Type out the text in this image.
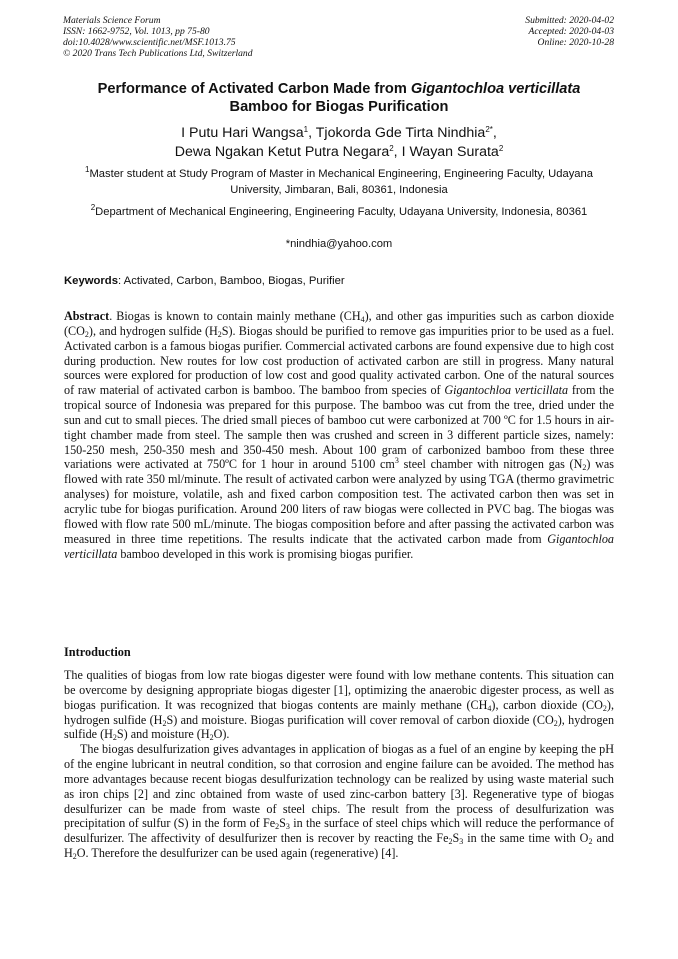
Materials Science Forum
ISSN: 1662-9752, Vol. 1013, pp 75-80
doi:10.4028/www.scientific.net/MSF.1013.75
© 2020 Trans Tech Publications Ltd, Switzerland
Submitted: 2020-04-02
Accepted: 2020-04-03
Online: 2020-10-28
Performance of Activated Carbon Made from Gigantochloa verticillata
Bamboo for Biogas Purification
I Putu Hari Wangsa$^1$, Tjokorda Gde Tirta Nindhia$^{2*}$,
Dewa Ngakan Ketut Putra Negara$^2$, I Wayan Surata$^2$
$^1$Master student at Study Program of Master in Mechanical Engineering, Engineering Faculty, Udayana University, Jimbaran, Bali, 80361, Indonesia
$^2$Department of Mechanical Engineering, Engineering Faculty, Udayana University, Indonesia, 80361
*nindhia@yahoo.com
Keywords: Activated, Carbon, Bamboo, Biogas, Purifier
Abstract. Biogas is known to contain mainly methane $(CH_4)$, and other gas impurities such as carbon dioxide $(CO_2)$, and hydrogen sulfide $(H_2S)$. Biogas should be purified to remove gas impurities prior to be used as a fuel. Activated carbon is a famous biogas purifier. Commercial activated carbons are found expensive due to high cost during production. New routes for low cost production of activated carbon are still in progress. Many natural sources were explored for production of low cost and good quality activated carbon. One of the natural sources of raw material of activated carbon is bamboo. The bamboo from species of Gigantochloa verticillata from the tropical source of Indonesia was prepared for this purpose. The bamboo was cut from the tree, dried under the sun and cut to small pieces. The dried small pieces of bamboo cut were carbonized at 700 ºC for 1.5 hours in air-tight chamber made from steel. The sample then was crushed and screen in 3 different particle sizes, namely: 150-250 mesh, 250-350 mesh and 350-450 mesh. About 100 gram of carbonized bamboo from these three variations were activated at 750ºC for 1 hour in around 5100 $cm^3$ steel chamber with nitrogen gas $(N_2)$ was flowed with rate 350 ml/minute. The result of activated carbon were analyzed by using TGA (thermo gravimetric analyses) for moisture, volatile, ash and fixed carbon composition test. The activated carbon then was set in acrylic tube for biogas purification. Around 200 liters of raw biogas were collected in PVC bag. The biogas was flowed with flow rate 500 mL/minute. The biogas composition before and after passing the activated carbon was measured in three time repetitions. The results indicate that the activated carbon made from Gigantochloa verticillata bamboo developed in this work is promising biogas purifier.
Introduction

The qualities of biogas from low rate biogas digester were found with low methane contents. This situation can be overcome by designing appropriate biogas digester [1], optimizing the anaerobic digester process, as well as biogas purification. It was recognized that biogas contents are mainly methane $(CH_4)$, carbon dioxide $(CO_2)$, hydrogen sulfide $(H_2S)$ and moisture. Biogas purification will cover removal of carbon dioxide $(CO_2)$, hydrogen sulfide $(H_2S)$ and moisture $(H_2O)$.

The biogas desulfurization gives advantages in application of biogas as a fuel of an engine by keeping the pH of the engine lubricant in neutral condition, so that corrosion and engine failure can be avoided. The method has more advantages because recent biogas desulfurization technology can be realized by using waste material such as iron chips [2] and zinc obtained from waste of used zinc-carbon battery [3]. Regenerative type of biogas desulfurizer can be made from waste of steel chips. The result from the process of desulfurization was precipitation of sulfur (S) in the form of $Fe_2S_3$ in the surface of steel chips which will reduce the performance of desulfurizer. The affectivity of desulfurizer then is recover by reacting the $Fe_2S_3$ in the same time with $O_2$ and $H_2O$. Therefore the desulfurizer can be used again (regenerative) [4].
